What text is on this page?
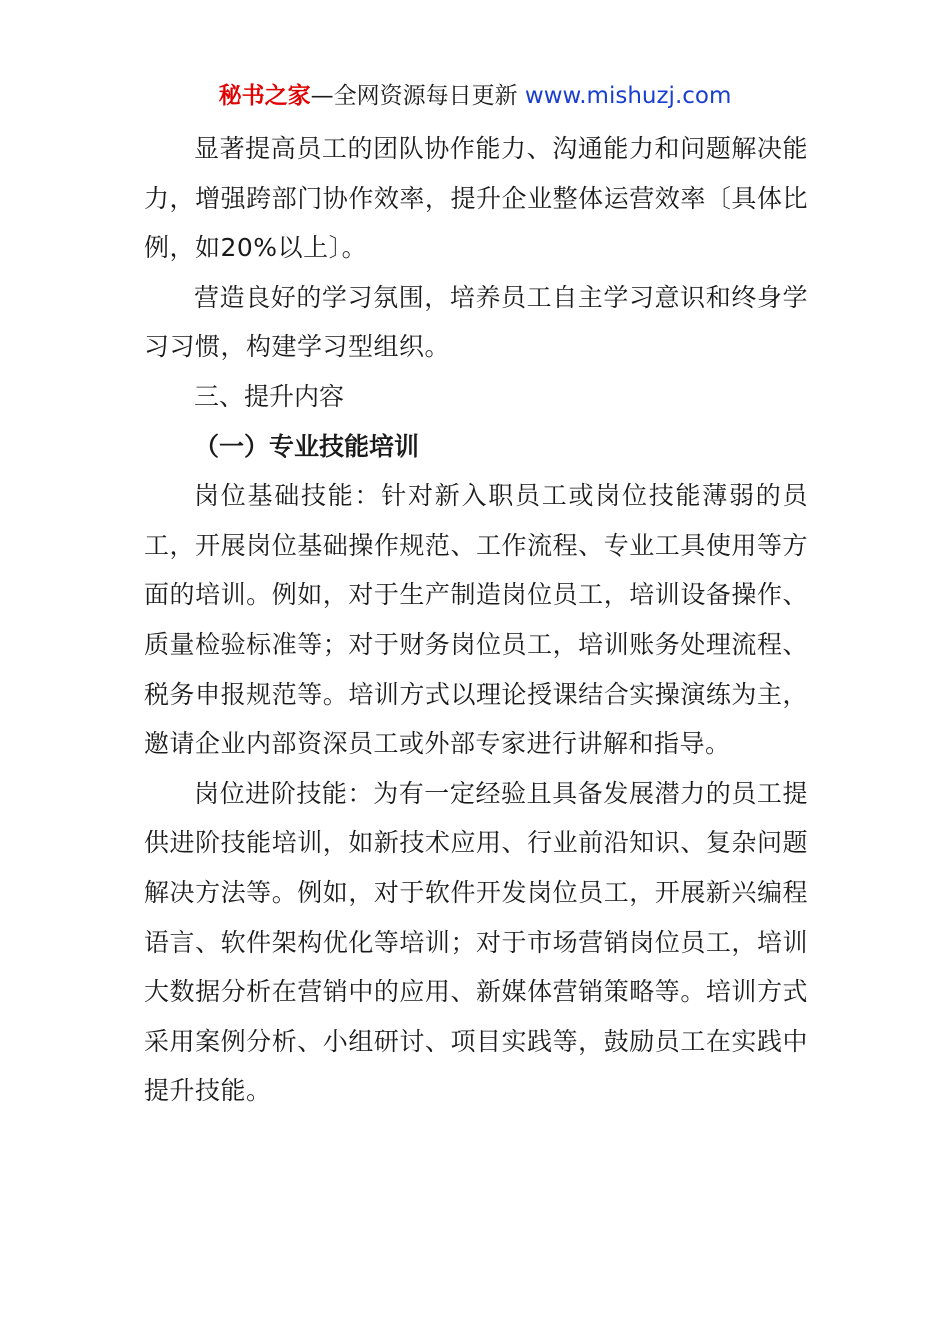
秘书之家—全网资源每日更新 www.mishuzj.com

显著提高员工的团队协作能力、沟通能力和问题解决能力，增强跨部门协作效率，提升企业整体运营效率〔具体比例，如20%以上〕。

营造良好的学习氛围，培养员工自主学习意识和终身学习习惯，构建学习型组织。

三、提升内容

（一）专业技能培训

岗位基础技能：针对新入职员工或岗位技能薄弱的员工，开展岗位基础操作规范、工作流程、专业工具使用等方面的培训。例如，对于生产制造岗位员工，培训设备操作、质量检验标准等；对于财务岗位员工，培训账务处理流程、税务申报规范等。培训方式以理论授课结合实操演练为主，邀请企业内部资深员工或外部专家进行讲解和指导。

岗位进阶技能：为有一定经验且具备发展潜力的员工提供进阶技能培训，如新技术应用、行业前沿知识、复杂问题解决方法等。例如，对于软件开发岗位员工，开展新兴编程语言、软件架构优化等培训；对于市场营销岗位员工，培训大数据分析在营销中的应用、新媒体营销策略等。培训方式采用案例分析、小组研讨、项目实践等，鼓励员工在实践中提升技能。
